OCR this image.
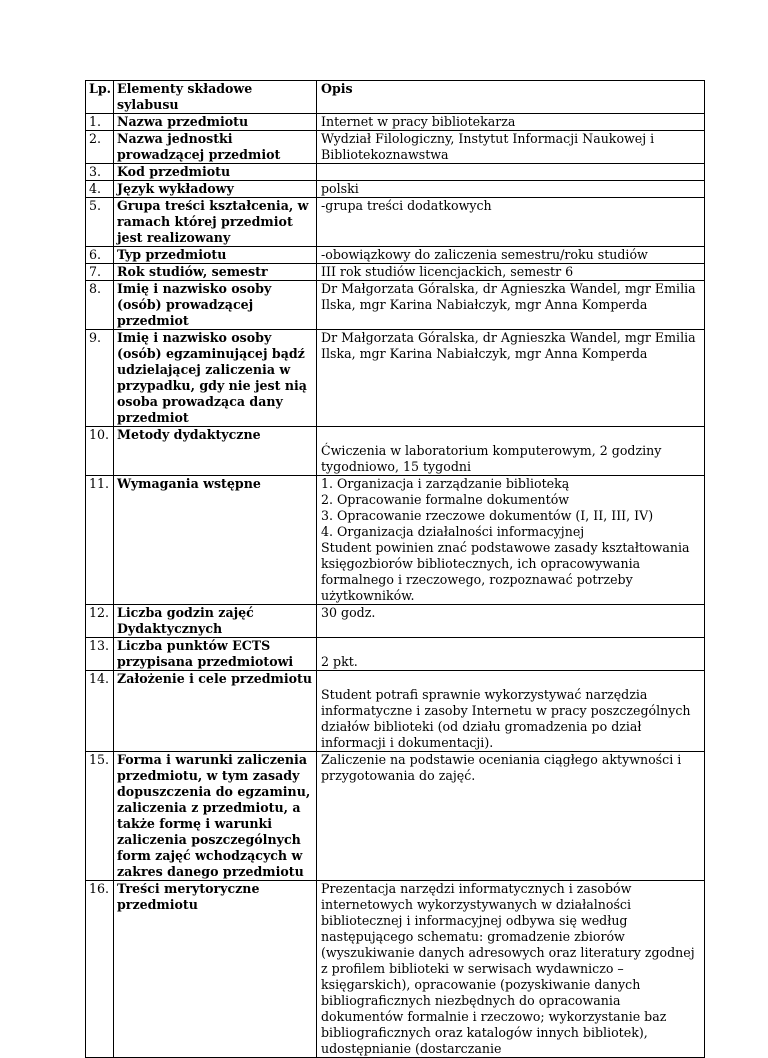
Lp.	Elementy składowe sylabusu	Opis
1.	Nazwa przedmiotu	Internet w pracy bibliotekarza

2.	Nazwa jednostki prowadzącej przedmiot	Wydział Filologiczny, Instytut Informacji Naukowej i Bibliotekoznawstwa

3.	Kod przedmiotu	
4.	Język wykładowy	polski

5.	Grupa treści kształcenia, w ramach której przedmiot jest realizowany	-grupa treści dodatkowych

6.	Typ przedmiotu	-obowiązkowy do zaliczenia semestru/roku studiów

7.	Rok studiów, semestr	III rok studiów licencjackich, semestr 6

8.	Imię i nazwisko osoby (osób) prowadzącej przedmiot	Dr Małgorzata Góralska, dr Agnieszka Wandel, mgr Emilia Ilska, mgr Karina Nabiałczyk, mgr Anna Komperda

9.	Imię i nazwisko osoby (osób) egzaminującej bądź udzielającej zaliczenia w przypadku, gdy nie jest nią osoba prowadząca dany przedmiot	Dr Małgorzata Góralska, dr Agnieszka Wandel, mgr Emilia Ilska, mgr Karina Nabiałczyk, mgr Anna Komperda

10.	Metody dydaktyczne	Ćwiczenia w laboratorium komputerowym, 2 godziny tygodniowo, 15 tygodni

11.	Wymagania wstępne	1. Organizacja i zarządzanie biblioteką
2. Opracowanie formalne dokumentów
3. Opracowanie rzeczowe dokumentów (I, II, III, IV)
4. Organizacja działalności informacyjnej
Student powinien znać podstawowe zasady kształtowania księgozbiorów bibliotecznych, ich opracowywania formalnego i rzeczowego, rozpoznawać potrzeby użytkowników.

12.	Liczba godzin zajęć Dydaktycznych	30 godz.

13.	Liczba punktów ECTS przypisana przedmiotowi	2 pkt.

14.	Założenie i cele przedmiotu	Student potrafi sprawnie wykorzystywać narzędzia informatyczne i zasoby Internetu w pracy poszczególnych działów biblioteki (od działu gromadzenia po dział informacji i dokumentacji).

15.	Forma i warunki zaliczenia przedmiotu, w tym zasady dopuszczenia do egzaminu, zaliczenia z przedmiotu, a także formę i warunki zaliczenia poszczególnych form zajęć wchodzących w zakres danego przedmiotu	Zaliczenie na podstawie oceniania ciągłego aktywności i przygotowania do zajęć.

16.	Treści merytoryczne przedmiotu	Prezentacja narzędzi informatycznych i zasobów internetowych wykorzystywanych w działalności bibliotecznej i informacyjnej odbywa się według następującego schematu: gromadzenie zbiorów (wyszukiwanie danych adresowych oraz literatury zgodnej z profilem biblioteki w serwisach wydawniczo – księgarskich), opracowanie (pozyskiwanie danych bibliograficznych niezbędnych do opracowania dokumentów formalnie i rzeczowo; wykorzystanie baz bibliograficznych oraz katalogów innych bibliotek), udostępnianie (dostarczanie
